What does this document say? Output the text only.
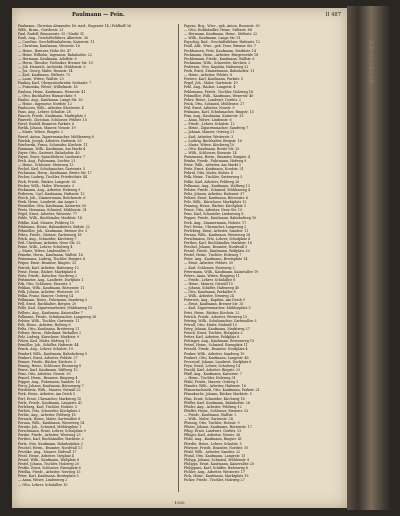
Adressbuch
Paulmann — Pein.	II 487
Paulmann, Christian Alexander, Dr. med., Ragenstr 14 / Feldhoff 36
Wilh., Bram., Goethestr. 21
Paul, Rudolf, Brunnenstr. 35 / Markt 31
Pauli, Ang., Geschäftsführer, Albertstr. 36
— Caroline, Geschäftsinhaberin, Kaiserstr. 11
— Christian, Kaufmann, Weserstr. 16
— Heinr., Rentner, Hohe Str. 47
— Heinr. Wilhelm, Ingenieur, Bahnhofstr. 22
— Hermann, Kaufmann, Adolfstr. 8
— Herm. Theodor, Techniker, Bremer Str. 10
— Joh. Heinrich, Architekt, Mühlenstr. 5
— Jos. Georg, Maler, Roonstr. 14
— Karl, Kaufmann, Stiftsstr. 73
— Luise, Witwe, Wallstr. 23
Pauliny, Karl, Oberpostsekretär, Sedanstr. 7
— Franziska, Witwe, Wilhelmstr. 18
Paulsen, Heinr., Kaufmann, Weserstr. 41
— Otto, Buchhalter, Bismarckstr. 9
Paulus, Aug., Kaufmann, Lange Str. 30
— Heinr., Ingenieur, Nordstr. 12
Paulussen, Wilh., Arbeiter, Klosterstr. 4
Paus, Ang., Lehrer, Schulstr. 28
Pausch, Friedr., Kaufmann, Marktplatz 3
Pauwels, Christian, Schlosser, Feldstr. 15
Pavel, Rudolf, Beamter, Parkstr. 6
Pavlik, Johann, Maurer, Neustr. 19
— Marie, Witwe, Ringstr. 2
Pawel, Anton, Zigarrenmacher, Mühlenweg 8
Pawlak, Joseph, Arbeiter, Hafenstr. 35
Pawlowski, Franz, Schneider, Kirchstr. 11
Paxmann, Wilh., Kaufmann, Am Markt 4
Payer, Otto, Gastwirt, Bahnhofstr. 40
Payne, Ernst, Sprachlehrer, Lindenstr. 7
Pech, Aug., Fuhrmann, Dorfstr. 21
— Heinr., Schlosser, Steinweg 13
Pechel, Karl, Schuhmacher, Gartenstr. 5
Pechmann, Herm., Kaufmann, Breite Str. 17
Pecher, Ludwig, Tischler, Friedrichstr. 44
Peck, Friedr., Bäcker, Langestr. 26
Pecker, Wilh., Maler, Wiesenstr. 3
Peckmann, Aug., Arbeiter, Holzweg 9
Pedersen, Carl, Kaufmann, Hafenstr. 12
Peeck, Joh., Zimmermann, Brückenstr. 6
Peek, Heinr., Landwirt, Am Anger 2
Peemöller, Otto, Kaufmann, Kaiserstr. 50
Peetz, Hermann, Schmied, Mühlenstr. 31
Pegel, Ernst, Arbeiter, Weserstr. 77
Pehle, Wilh., Buchbinder, Marktstr. 14
Pehlke, Karl, Maurer, Feldweg 10
Pehlmann, Heinr., Bahnarbeiter, Südstr. 22
Pehmöller, Joh., Kaufmann, Bremer Str. 3
Pehrs, Friedr., Gärtner, Gartenweg 18
Peick, Aug., Schneider, Kirchweg 7
Peil, Christian, Arbeiter, Neue Str. 25
Peine, Wilh., Lehrer, Schulweg 4
— Marie, Witwe, Lindenallee 9
Peineke, Herm., Kaufmann, Wallstr. 16
Peinemann, Ludwig, Tischler, Burgstr. 8
Peiper, Ernst, Beamter, Ringstr. 33
Peirick, Karl, Arbeiter, Hafenweg 12
Peise, Heinr., Bäcker, Marktplatz 6
Peitz, Friedr., Kutscher, Nordweg 2
Peitzmeier, Aug., Landwirt, Dorfplatz 1
Pek, Otto, Schlosser, Eisenstr. 5
Pelikan, Wilh., Kaufmann, Börsenstr. 11
Pelk, Johann, Arbeiter, Westerstr. 29
Pelka, Franz, Maurer, Ostweg 14
Pelkmann, Heinr., Fuhrmann, Sandweg 3
Pell, Ernst, Buchhalter, Bergstr. 20
Pelle, Karl, Zigarrenarbeiter, Mühlenweg 15
Pellens, Aug., Kaufmann, Kaiserallee 7
Pellmann, Friedr., Schuhmacher, Langeweg 38
Pelster, Wilh., Tischler, Gartenstr. 11
Pelt, Heinr., Arbeiter, Hofweg 6
Peltz, Otto, Kaufmann, Breiteweg 21
Peltzer, Herm., Fabrikant, Parkallee 2
Pelz, Ludwig, Kürschner, Marktstr. 9
Pelzer, Karl, Maler, Südweg 13
Pemöller, Joh., Schiffer, Hafenstr. 44
Penck, Aug., Lehrer, Schulstr. 19
Pendorf, Wilh., Kaufmann, Bahnhofweg 5
Penkert, Ernst, Arbeiter, Feldstr. 27
Penner, Friedr., Bäcker, Kirchstr. 3
Pennig, Heinr., Schlosser, Eisenweg 8
Pense, Karl, Kaufmann, Wallweg 12
Penz, Otto, Arbeiter, Neustr. 30
Penzel, Herm., Beamter, Ringweg 4
Pepper, Aug., Fuhrmann, Sandstr. 16
Percy, Johann, Kaufmann, Börsenweg 7
Perdelwitz, Wilh., Maurer, Ostwall 22
Perk, Heinr., Arbeiter, Am Deich 5
Perl, Ernst, Uhrmacher, Marktweg 10
Perle, Friedr., Kaufmann, Langestr. 41
Perleberg, Karl, Tischler, Holzstr. 3
Perlich, Otto, Schneider, Kirchplatz 2
Perlitz, Aug., Arbeiter, Feldweg 18
Pernack, Heinr., Maler, Gartenallee 6
Pernau, Wilh., Kaufmann, Weserweg 14
Pernitz, Joh., Schmied, Mühlenplatz 1
Perschmann, Ernst, Lehrer, Schulplatz 9
Perske, Friedr., Arbeiter, Westweg 25
Perthes, Karl, Buchhändler, Marktstr. 2
Pertz, Otto, Kaufmann, Bahnhofplatz 3
Peschel, Herm., Beamter, Nordwall 11
Peschke, Aug., Maurer, Südwall 17
Pesel, Heinr., Arbeiter, Ostplatz 4
Pessel, Wilh., Kaufmann, Wallplatz 8
Pestel, Johann, Tischler, Holzweg 20
Pestke, Ernst, Schlosser, Eisenplatz 6
Petelka, Friedr., Arbeiter, Neuweg 13
Peter, Karl, Kaufmann, Breiteplatz 5
— Anna, Witwe, Lindenweg 2
— Otto, Lehrer, Schulallee 10
Payens, Bcg., Wwe., geb. Anton, Rosenstr. 30
— Otto, Holzhändler, Heinr., Stiftsstr. 88
— Hermann, Kaufmann, Heinr., Stiftsstr. 22
— Wilh., Kaufmann, Lange Str. 51
Payschig, Rud., Geschäftsführer, Hafenstr. 12
Peall, Alfr., Wwe., geb. Tews, Bremer Str. 7
Peckhausen, Fritz, Kaufmann, Marktstr. 14
Peckmann, Heinr., Arbeiter, Bürgerweide 18
Pecklemann, Friedr., Kaufmann, Wallstr. 6
Peckmann, Wilh., Schneider, Kirchstr. 3
Pedersen, Otto, Kapitän, Hafenweg 22
Peek, Ernst, Zimmermann, Bahnhofstr. 11
— Heinr., Arbeiter, Feldstr. 8
Peeters, Karl, Kaufmann, Parkstr. 5
Pegel, Joh., Maler, Gartenstr. 19
Pehl, Aug., Bäcker, Langestr. 4
Pehlemann, Friedr., Tischler, Holzweg 16
Pehmöller, Wilh., Kaufmann, Weserstr. 40
Pehrs, Heinr., Landwirt, Dorfstr. 2
Peick, Otto, Schmied, Mühlenstr. 27
Peil, Ernst, Arbeiter, Neustr. 9
Peilmann, Karl, Schuhmacher, Ringstr. 15
Pein, Aug., Kaufmann, Kaiserstr. 33
— Anna, Witwe, Lindenstr. 6
— Friedr., Lehrer, Schulstr. 12
— Heinr., Zigarrenmacher, Sandweg 7
— Johann, Maurer, Ostweg 21
— Karl, Arbeiter, Westerstr. 3
— Ludwig, Buchhalter, Bergstr. 18
— Marie, Witwe, Kirchweg 10
— Otto, Kaufmann, Breite Str. 25
— Wilh., Schlosser, Eisenstr. 14
Peinemann, Herm., Beamter, Burgstr. 4
Peinke, Friedr., Fuhrmann, Hofweg 9
Peise, Wilh., Arbeiter, Am Markt 2
Peitz, Ernst, Kaufmann, Nordstr. 31
Pekrul, Otto, Maler, Südstr. 8
Pelk, Heinr., Tischler, Gartenweg 5
Pelke, Karl, Arbeiter, Feldweg 26
Pellmann, Aug., Kaufmann, Wallweg 13
Pelster, Friedr., Schmied, Mühlenweg 4
Peltz, Johann, Arbeiter, Hafenstr. 37
Peltzer, Ernst, Kaufmann, Börsenstr. 6
Pelz, Wilh., Kürschner, Marktplatz 12
Penning, Heinr., Bäcker, Kirchplatz 3
Pense, Otto, Arbeiter, Neue Str. 19
Penz, Karl, Schneider, Lindenweg 8
Pepper, Friedr., Kaufmann, Bahnhofweg 10
Perk, Aug., Zimmermann, Holzstr. 17
Perl, Heinr., Uhrmacher, Langeweg 2
Perleberg, Ernst, Arbeiter, Sandstr. 11
Pernau, Wilh., Kaufmann, Weserweg 28
Perschmann, Otto, Lehrer, Schulplatz 4
Perthes, Karl, Buchhändler, Marktstr. 16
Peschel, Johann, Beamter, Nordwall 3
Pessel, Friedr., Kaufmann, Wallplatz 20
Pestel, Heinr., Tischler, Holzweg 7
Peter, Aug., Kaufmann, Breiteplatz 14
— Ernst, Arbeiter, Feldstr. 30
— Karl, Schlosser, Eisenweg 2
Petermann, Wilh., Kaufmann, Kaiserallee 19
Peters, Anna, Witwe, Ringweg 11
— Friedr., Lehrer, Schulallee 6
— Heinr., Maurer, Ostwall 15
— Johann, Schiffer, Hafenweg 40
— Otto, Kaufmann, Parkallee 8
— Wilh., Arbeiter, Neuweg 24
Petersen, Aug., Kapitän, Am Deich 9
— Ernst, Kaufmann, Bremer Str. 35
— Karl, Zigarrenmacher, Mühlenplatz 5
Petri, Heinr., Bäcker, Kirchstr. 22
Petrick, Friedr., Arbeiter, Westweg 13
Petring, Wilh., Schuhmacher, Gartenallee 3
Petroll, Otto, Maler, Südwall 10
Petry, Johann, Kaufmann, Marktweg 27
Petsch, Ernst, Tischler, Holzplatz 2
Petter, Karl, Arbeiter, Feldplatz 8
Pettinger, Aug., Kaufmann, Börsenweg 15
Petzel, Heinr., Schmied, Eisenplatz 11
Petzold, Friedr., Beamter, Nordplatz 4
Peuker, Wilh., Arbeiter, Sandweg 19
Peukert, Otto, Kaufmann, Langestr. 48
Pevestorf, Johann, Landwirt, Dorfplatz 6
Peyn, Ernst, Lehrer, Schulweg 14
Pezold, Karl, Arbeiter, Ringstr. 29
Pfaff, Aug., Kaufmann, Kaiserstr. 7
— Heinr., Tischler, Holzweg 31
Pfahl, Friedr., Maurer, Ostweg 3
Pfander, Wilh., Arbeiter, Hafenstr. 16
Pfannenschmidt, Otto, Kaufmann, Parkstr. 21
Pfannkuche, Johann, Bäcker, Marktstr. 5
Pfau, Ernst, Schneider, Kirchweg 18
Pfeffer, Karl, Kaufmann, Bahnhofstr. 26
Pfeifer, Aug., Arbeiter, Feldweg 12
Pfeiffer, Heinr., Schlosser, Eisenstr. 33
— Friedr., Kaufmann, Wallstr. 2
— Wilh., Maler, Gartenstr. 24
Pfennig, Otto, Tischler, Holzstr. 9
Pfister, Johann, Kaufmann, Börsenstr. 17
Pflug, Ernst, Landwirt, Dorfstr. 13
Pflüger, Karl, Arbeiter, Neustr. 36
Pfohl, Aug., Kaufmann, Ringstr. 41
Pfordte, Heinr., Lehrer, Schulstr. 5
Pförtner, Friedr., Beamter, Nordstr. 10
Pfuhl, Wilh., Arbeiter, Sandstr. 22
Pfund, Otto, Kaufmann, Langestr. 15
Philipp, Johann, Schmied, Mühlenstr. 8
Philipps, Ernst, Kaufmann, Kaiserallee 25
Philippsen, Karl, Schiffer, Hafenweg 6
Pichler, Aug., Arbeiter, Westerstr. 17
Pick, Heinr., Kaufmann, Marktplatz 19
Picker, Friedr., Tischler, Holzweg 27
1920
